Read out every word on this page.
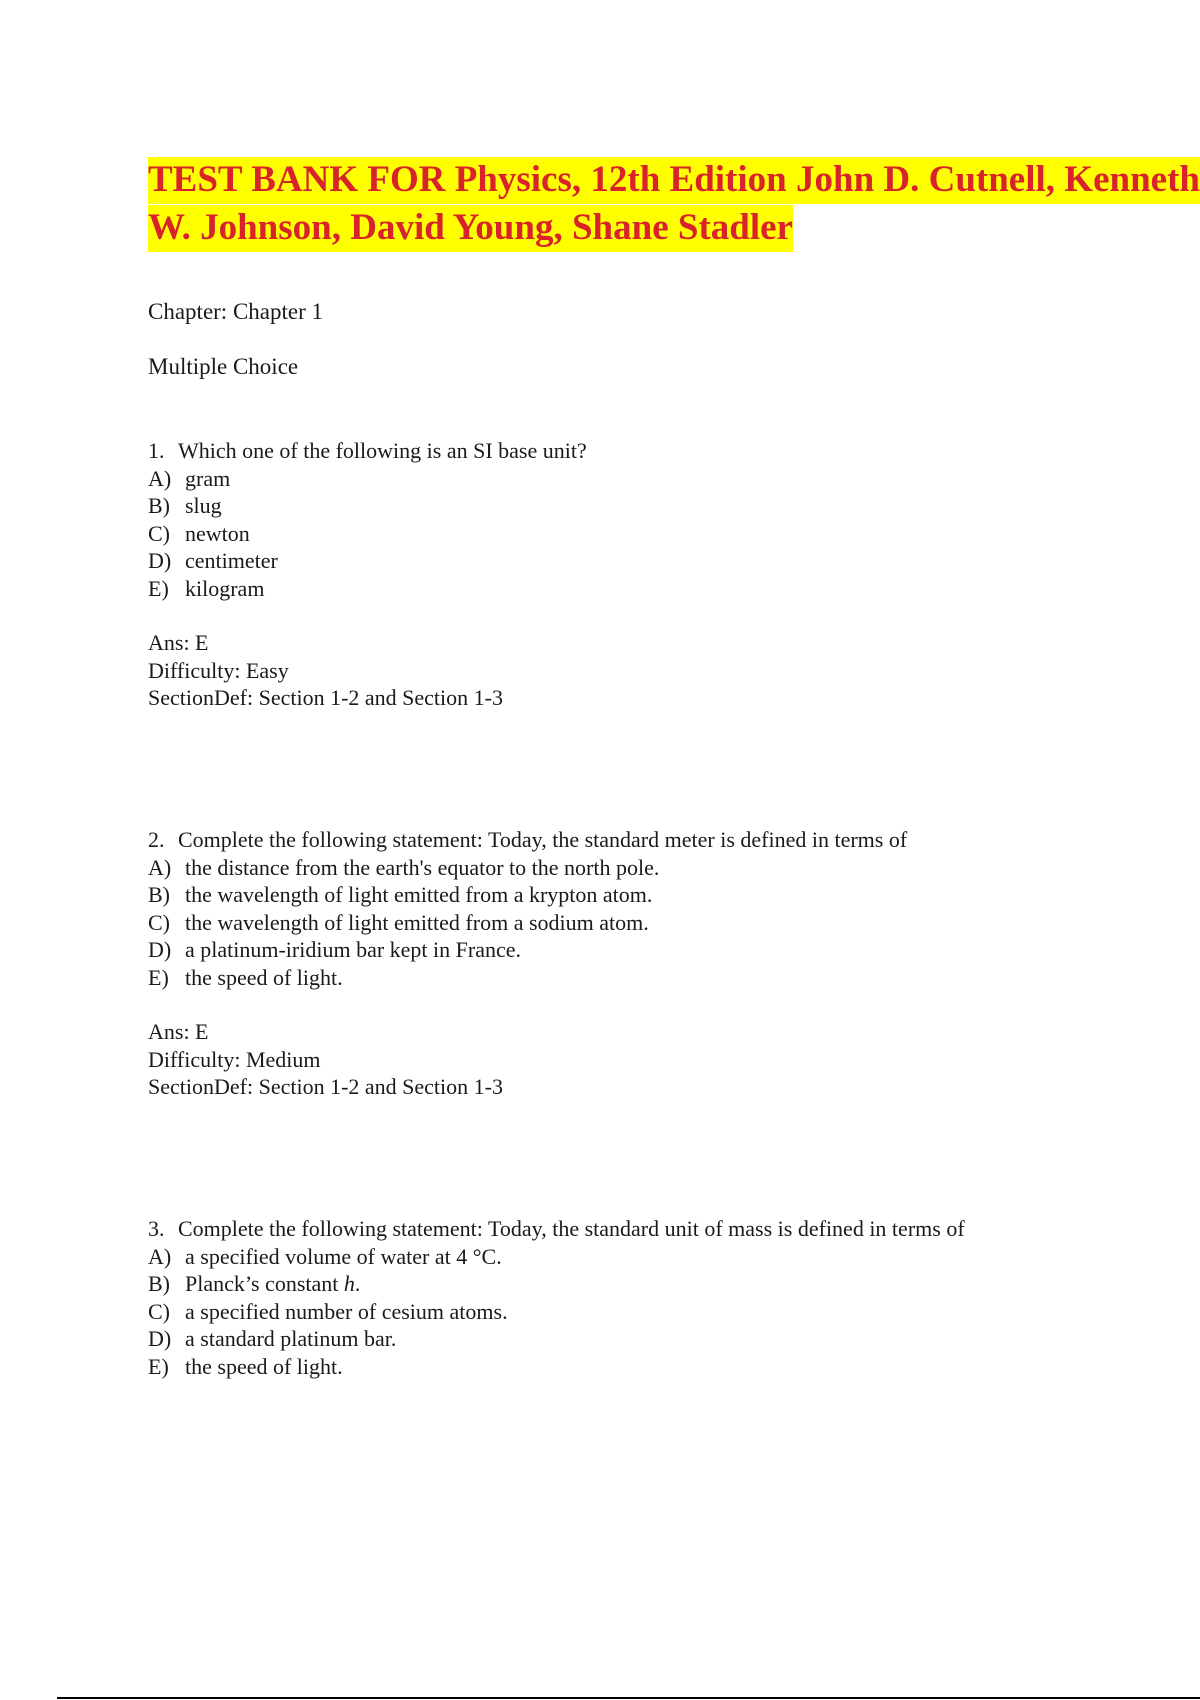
TEST BANK FOR Physics, 12th Edition John D. Cutnell, Kenneth
W. Johnson, David Young, Shane Stadler

Chapter: Chapter 1

Multiple Choice

1. Which one of the following is an SI base unit?
A) gram
B) slug
C) newton
D) centimeter
E) kilogram
Ans: E
Difficulty: Easy
SectionDef: Section 1-2 and Section 1-3
2. Complete the following statement: Today, the standard meter is defined in terms of
A) the distance from the earth's equator to the north pole.
B) the wavelength of light emitted from a krypton atom.
C) the wavelength of light emitted from a sodium atom.
D) a platinum-iridium bar kept in France.
E) the speed of light.
Ans: E
Difficulty: Medium
SectionDef: Section 1-2 and Section 1-3
3. Complete the following statement: Today, the standard unit of mass is defined in terms of
A) a specified volume of water at 4 °C.
B) Planck’s constant h.
C) a specified number of cesium atoms.
D) a standard platinum bar.
E) the speed of light.
